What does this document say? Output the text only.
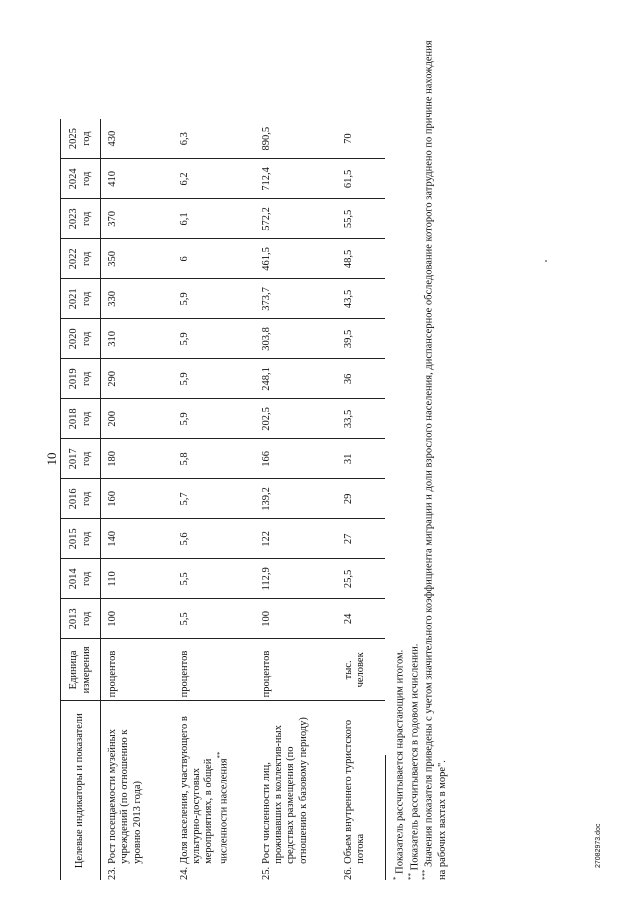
10
Целевые индикаторы и показатели		Единица измерения	2013 год	2014 год	2015 год	2016 год	2017 год	2018 год	2019 год	2020 год	2021 год	2022 год	2023 год	2024 год	2025 год
23.	Рост посещаемости музейных учреждений (по отношению к уровню 2013 года)	процентов	100	110	140	160	180	200	290	310	330	350	370	410	430
24.	Доля населения, участвующего в культурно-досуговых мероприятиях, в общей численности населения**	процентов	5,5	5,5	5,6	5,7	5,8	5,9	5,9	5,9	5,9	6	6,1	6,2	6,3
25.	Рост численности лиц, проживавших в коллектив-ных средствах размещения (по отношению к базовому периоду)	процентов	100	112,9	122	139,2	166	202,5	248,1	303,8	373,7	461,5	572,2	712,4	890,5
26.	Объем внутреннего туристского потока	тыс. человек	24	25,5	27	29	31	33,5	36	39,5	43,5	48,5	55,5	61,5	70

* Показатель рассчитывается нарастающим итогом. ** Показатель рассчитывается в годовом исчислении.

*** Значения показателя приведены с учетом значительного коэффициента миграции и доли взрослого населения, диспансерное обследование которого затруднено по причине нахождения на рабочих вахтах в море".	27082973.doc
